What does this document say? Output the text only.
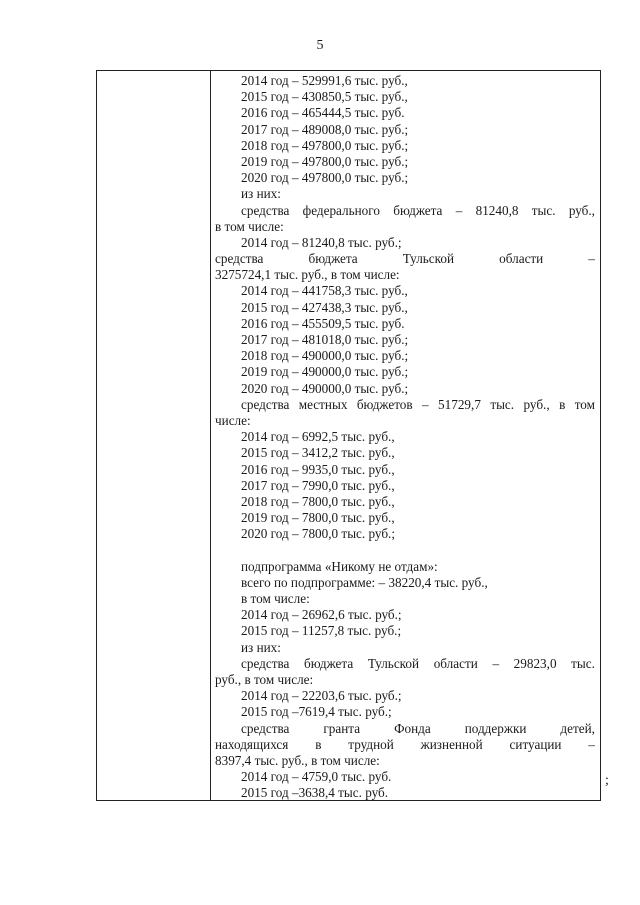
5
2014 год – 529991,6 тыс. руб.,
2015 год – 430850,5 тыс. руб.,
2016 год – 465444,5 тыс. руб.
2017 год – 489008,0 тыс. руб.;
2018 год – 497800,0 тыс. руб.;
2019 год – 497800,0 тыс. руб.;
2020 год – 497800,0 тыс. руб.;
из них:
средства федерального бюджета – 81240,8 тыс. руб.,
в том числе:
2014 год – 81240,8 тыс. руб.;
средства	бюджета	Тульской	области	–
3275724,1 тыс. руб., в том числе:
2014 год – 441758,3 тыс. руб.,
2015 год – 427438,3 тыс. руб.,
2016 год – 455509,5 тыс. руб.
2017 год – 481018,0 тыс. руб.;
2018 год – 490000,0 тыс. руб.;
2019 год – 490000,0 тыс. руб.;
2020 год – 490000,0 тыс. руб.;
средства местных бюджетов – 51729,7 тыс. руб., в том
числе:
2014 год – 6992,5 тыс. руб.,
2015 год – 3412,2 тыс. руб.,
2016 год – 9935,0 тыс. руб.,
2017 год – 7990,0 тыс. руб.,
2018 год – 7800,0 тыс. руб.,
2019 год – 7800,0 тыс. руб.,
2020 год – 7800,0 тыс. руб.;
подпрограмма «Никому не отдам»:
всего по подпрограмме: – 38220,4 тыс. руб.,
в том числе:
2014 год – 26962,6 тыс. руб.;
2015 год – 11257,8 тыс. руб.;
из них:
средства бюджета Тульской области – 29823,0 тыс.
руб., в том числе:
2014 год – 22203,6 тыс. руб.;
2015 год –7619,4 тыс. руб.;
средства	гранта	Фонда	поддержки	детей,
находящихся в трудной жизненной ситуации –
8397,4 тыс. руб., в том числе:
2014 год – 4759,0 тыс. руб.
2015 год –3638,4 тыс. руб.
;
